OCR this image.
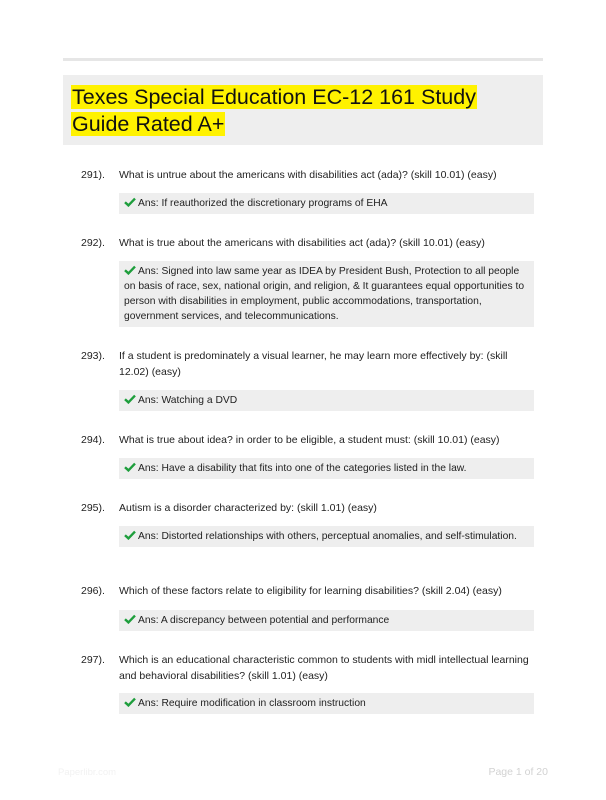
Texes Special Education EC-12 161 Study Guide Rated A+
291). What is untrue about the americans with disabilities act (ada)? (skill 10.01) (easy)
Ans: If reauthorized the discretionary programs of EHA
292). What is true about the americans with disabilities act (ada)? (skill 10.01) (easy)
Ans: Signed into law same year as IDEA by President Bush, Protection to all people on basis of race, sex, national origin, and religion, & It guarantees equal opportunities to person with disabilities in employment, public accommodations, transportation, government services, and telecommunications.
293). If a student is predominately a visual learner, he may learn more effectively by: (skill 12.02) (easy)
Ans: Watching a DVD
294). What is true about idea? in order to be eligible, a student must: (skill 10.01) (easy)
Ans: Have a disability that fits into one of the categories listed in the law.
295). Autism is a disorder characterized by: (skill 1.01) (easy)
Ans: Distorted relationships with others, perceptual anomalies, and self-stimulation.
296). Which of these factors relate to eligibility for learning disabilities? (skill 2.04) (easy)
Ans: A discrepancy between potential and performance
297). Which is an educational characteristic common to students with midl intellectual learning and behavioral disabilities? (skill 1.01) (easy)
Ans: Require modification in classroom instruction
Paperlibr.com	Page 1 of 20
